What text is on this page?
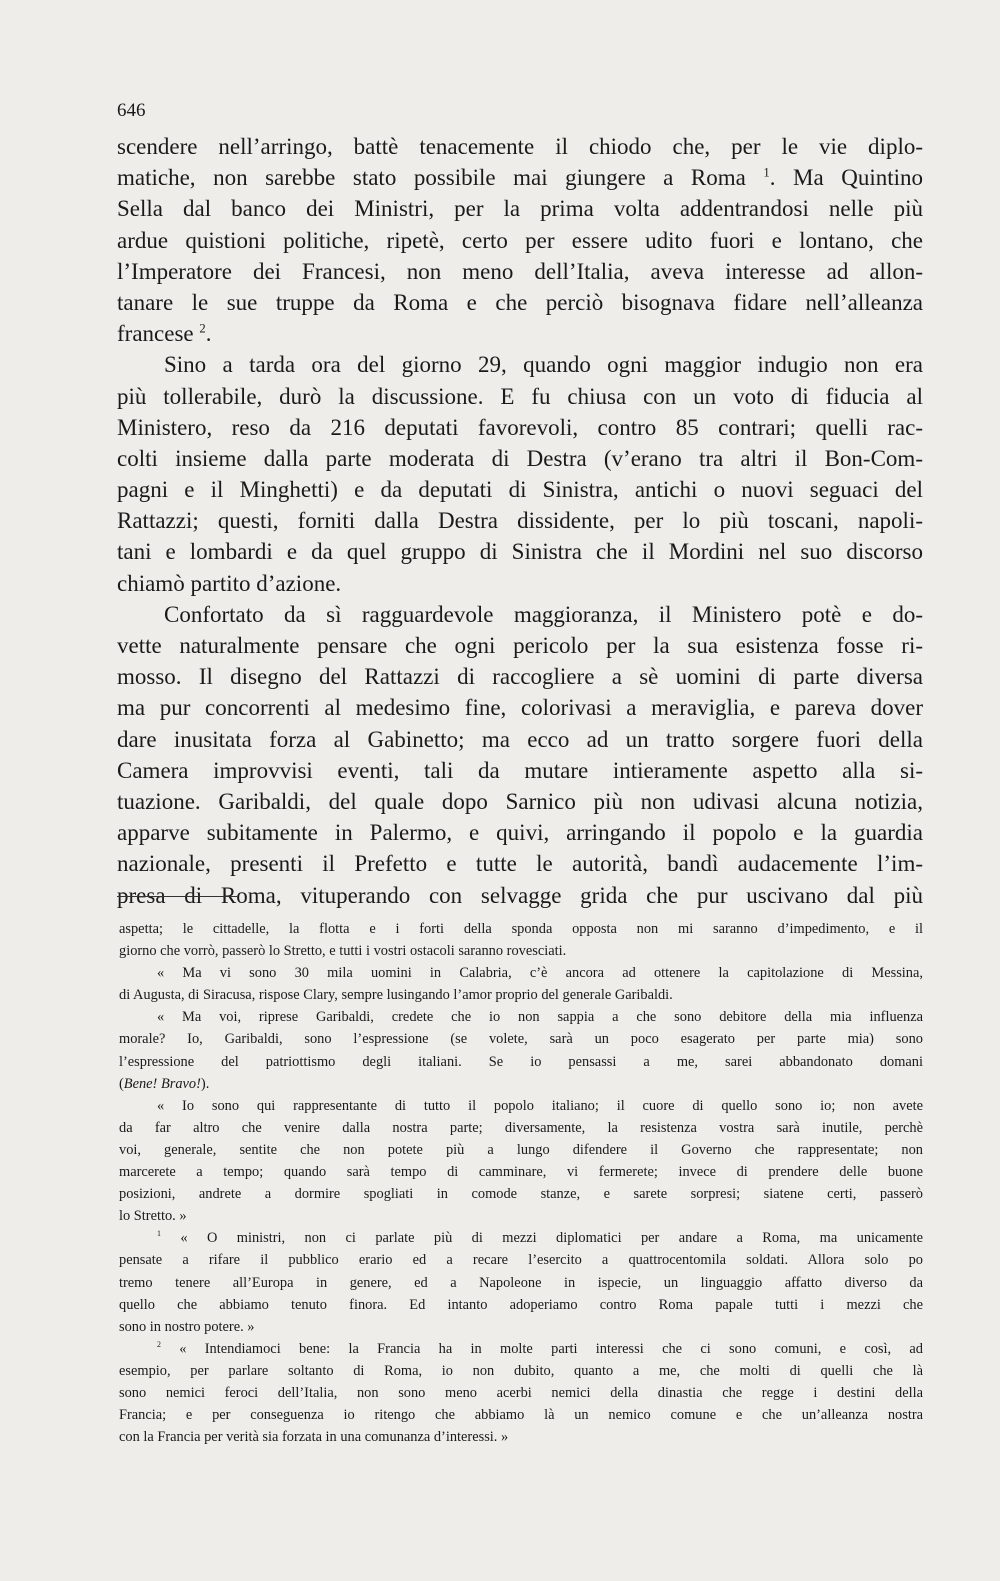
646
scendere nell’arringo, battè tenacemente il chiodo che, per le vie diplo-
matiche, non sarebbe stato possibile mai giungere a Roma $^1$. Ma Quintino
Sella dal banco dei Ministri, per la prima volta addentrandosi nelle più
ardue quistioni politiche, ripetè, certo per essere udito fuori e lontano, che
l’Imperatore dei Francesi, non meno dell’Italia, aveva interesse ad allon-
tanare le sue truppe da Roma e che perciò bisognava fidare nell’alleanza
francese $^2$.
Sino a tarda ora del giorno 29, quando ogni maggior indugio non era
più tollerabile, durò la discussione. E fu chiusa con un voto di fiducia al
Ministero, reso da 216 deputati favorevoli, contro 85 contrari; quelli rac-
colti insieme dalla parte moderata di Destra (v’erano tra altri il Bon-Com-
pagni e il Minghetti) e da deputati di Sinistra, antichi o nuovi seguaci del
Rattazzi; questi, forniti dalla Destra dissidente, per lo più toscani, napoli-
tani e lombardi e da quel gruppo di Sinistra che il Mordini nel suo discorso
chiamò partito d’azione.
Confortato da sì ragguardevole maggioranza, il Ministero potè e do-
vette naturalmente pensare che ogni pericolo per la sua esistenza fosse ri-
mosso. Il disegno del Rattazzi di raccogliere a sè uomini di parte diversa
ma pur concorrenti al medesimo fine, colorivasi a meraviglia, e pareva dover
dare inusitata forza al Gabinetto; ma ecco ad un tratto sorgere fuori della
Camera improvvisi eventi, tali da mutare intieramente aspetto alla si-
tuazione. Garibaldi, del quale dopo Sarnico più non udivasi alcuna notizia,
apparve subitamente in Palermo, e quivi, arringando il popolo e la guardia
nazionale, presenti il Prefetto e tutte le autorità, bandì audacemente l’im-
presa di Roma, vituperando con selvagge grida che pur uscivano dal più
aspetta; le cittadelle, la flotta e i forti della sponda opposta non mi saranno d’impedimento, e il
giorno che vorrò, passerò lo Stretto, e tutti i vostri ostacoli saranno rovesciati.
« Ma vi sono 30 mila uomini in Calabria, c’è ancora ad ottenere la capitolazione di Messina,
di Augusta, di Siracusa, rispose Clary, sempre lusingando l’amor proprio del generale Garibaldi.
« Ma voi, riprese Garibaldi, credete che io non sappia a che sono debitore della mia influenza
morale? Io, Garibaldi, sono l’espressione (se volete, sarà un poco esagerato per parte mia) sono
l’espressione del patriottismo degli italiani. Se io pensassi a me, sarei abbandonato domani
(Bene! Bravo!).
« Io sono qui rappresentante di tutto il popolo italiano; il cuore di quello sono io; non avete
da far altro che venire dalla nostra parte; diversamente, la resistenza vostra sarà inutile, perchè
voi, generale, sentite che non potete più a lungo difendere il Governo che rappresentate; non
marcerete a tempo; quando sarà tempo di camminare, vi fermerete; invece di prendere delle buone
posizioni, andrete a dormire spogliati in comode stanze, e sarete sorpresi; siatene certi, passerò
lo Stretto. »
$^1$ « O ministri, non ci parlate più di mezzi diplomatici per andare a Roma, ma unicamente
pensate a rifare il pubblico erario ed a recare l’esercito a quattrocentomila soldati. Allora solo po
tremo tenere all’Europa in genere, ed a Napoleone in ispecie, un linguaggio affatto diverso da
quello che abbiamo tenuto finora. Ed intanto adoperiamo contro Roma papale tutti i mezzi che
sono in nostro potere. »
$^2$ « Intendiamoci bene: la Francia ha in molte parti interessi che ci sono comuni, e così, ad
esempio, per parlare soltanto di Roma, io non dubito, quanto a me, che molti di quelli che là
sono nemici feroci dell’Italia, non sono meno acerbi nemici della dinastia che regge i destini della
Francia; e per conseguenza io ritengo che abbiamo là un nemico comune e che un’alleanza nostra
con la Francia per verità sia forzata in una comunanza d’interessi. »
